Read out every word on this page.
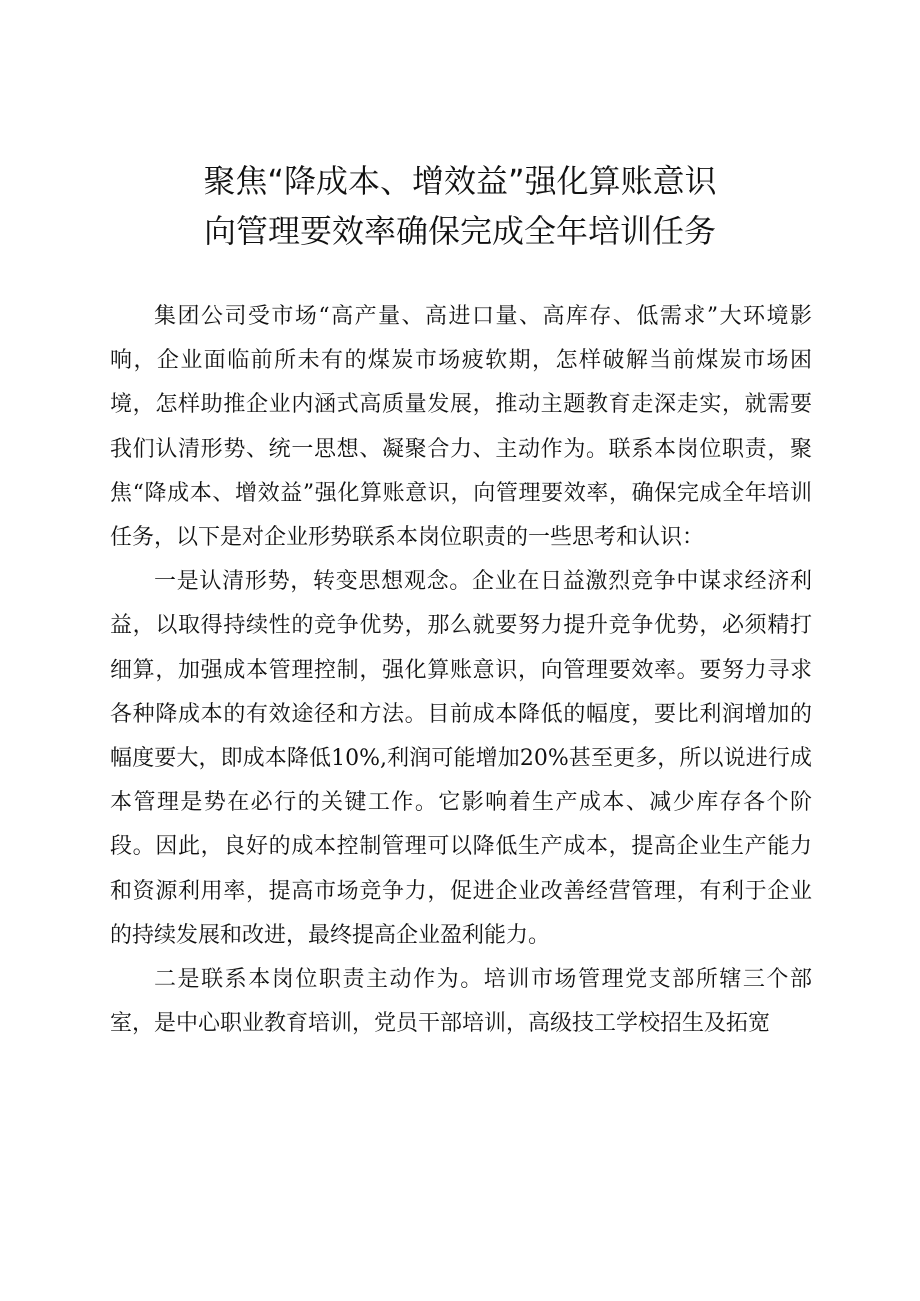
聚焦“降成本、增效益”强化算账意识
向管理要效率确保完成全年培训任务

集团公司受市场“高产量、高进口量、高库存、低需求”大环境影响，企业面临前所未有的煤炭市场疲软期，怎样破解当前煤炭市场困境，怎样助推企业内涵式高质量发展，推动主题教育走深走实，就需要我们认清形势、统一思想、凝聚合力、主动作为。联系本岗位职责，聚焦“降成本、增效益”强化算账意识，向管理要效率，确保完成全年培训任务，以下是对企业形势联系本岗位职责的一些思考和认识：

一是认清形势，转变思想观念。企业在日益激烈竞争中谋求经济利益，以取得持续性的竞争优势，那么就要努力提升竞争优势，必须精打细算，加强成本管理控制，强化算账意识，向管理要效率。要努力寻求各种降成本的有效途径和方法。目前成本降低的幅度，要比利润增加的幅度要大，即成本降低10%,利润可能增加20%甚至更多，所以说进行成本管理是势在必行的关键工作。它影响着生产成本、减少库存各个阶段。因此，良好的成本控制管理可以降低生产成本，提高企业生产能力和资源利用率，提高市场竞争力，促进企业改善经营管理，有利于企业的持续发展和改进，最终提高企业盈利能力。

二是联系本岗位职责主动作为。培训市场管理党支部所辖三个部室，是中心职业教育培训，党员干部培训，高级技工学校招生及拓宽
